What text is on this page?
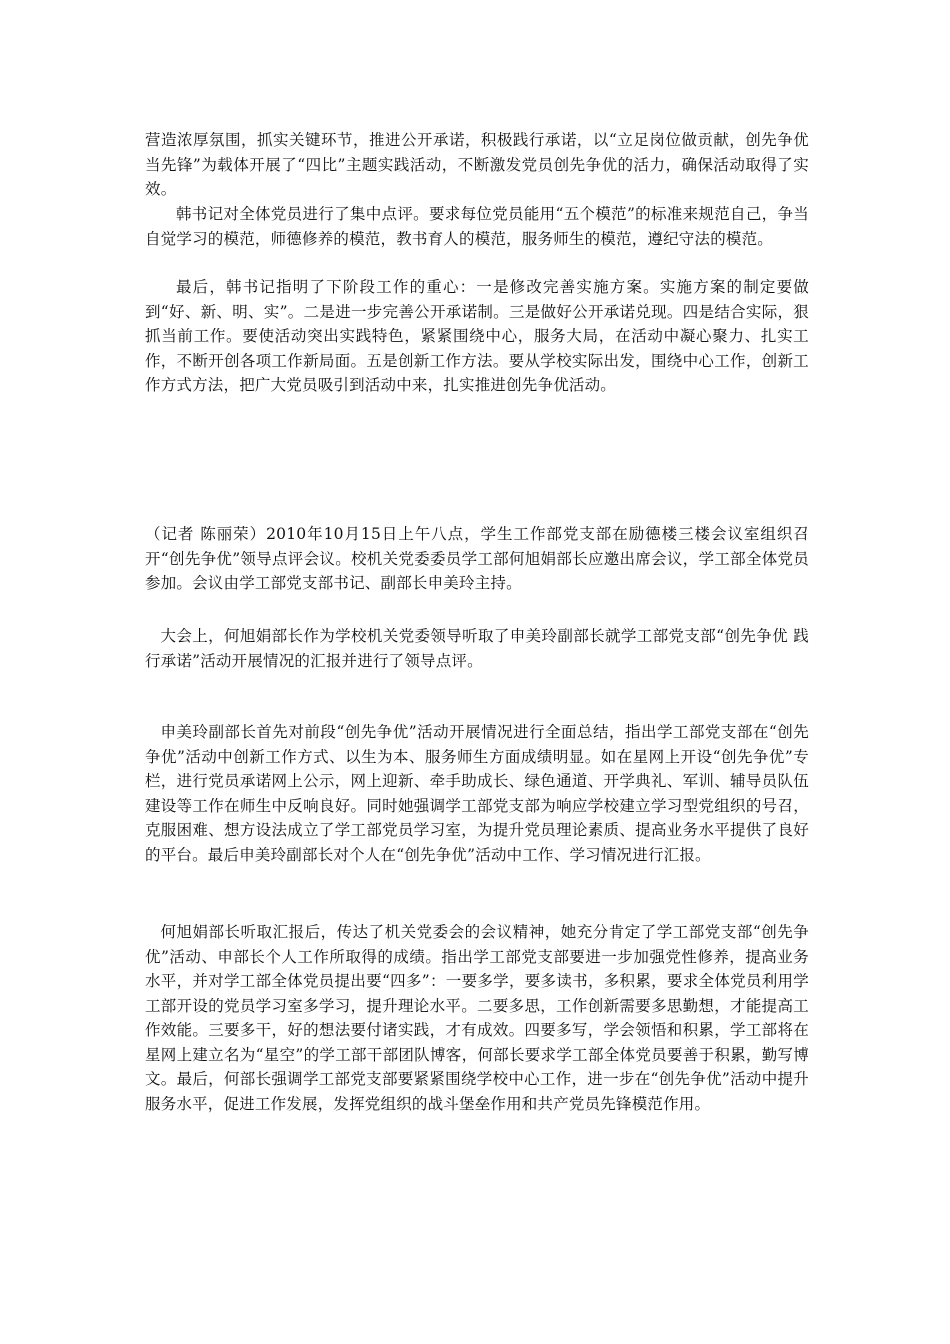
营造浓厚氛围，抓实关键环节，推进公开承诺，积极践行承诺，以“立足岗位做贡献，创先争优当先锋”为载体开展了“四比”主题实践活动，不断激发党员创先争优的活力，确保活动取得了实效。

韩书记对全体党员进行了集中点评。要求每位党员能用“五个模范”的标准来规范自己，争当自觉学习的模范，师德修养的模范，教书育人的模范，服务师生的模范，遵纪守法的模范。

最后，韩书记指明了下阶段工作的重心：一是修改完善实施方案。实施方案的制定要做到“好、新、明、实”。二是进一步完善公开承诺制。三是做好公开承诺兑现。四是结合实际，狠抓当前工作。要使活动突出实践特色，紧紧围绕中心，服务大局，在活动中凝心聚力、扎实工作，不断开创各项工作新局面。五是创新工作方法。要从学校实际出发，围绕中心工作，创新工作方式方法，把广大党员吸引到活动中来，扎实推进创先争优活动。

（记者 陈丽荣）2010年10月15日上午八点，学生工作部党支部在励德楼三楼会议室组织召开“创先争优”领导点评会议。校机关党委委员学工部何旭娟部长应邀出席会议，学工部全体党员参加。会议由学工部党支部书记、副部长申美玲主持。

大会上，何旭娟部长作为学校机关党委领导听取了申美玲副部长就学工部党支部“创先争优 践行承诺”活动开展情况的汇报并进行了领导点评。

申美玲副部长首先对前段“创先争优”活动开展情况进行全面总结，指出学工部党支部在“创先争优”活动中创新工作方式、以生为本、服务师生方面成绩明显。如在星网上开设“创先争优”专栏，进行党员承诺网上公示，网上迎新、牵手助成长、绿色通道、开学典礼、军训、辅导员队伍建设等工作在师生中反响良好。同时她强调学工部党支部为响应学校建立学习型党组织的号召，克服困难、想方设法成立了学工部党员学习室，为提升党员理论素质、提高业务水平提供了良好的平台。最后申美玲副部长对个人在“创先争优”活动中工作、学习情况进行汇报。

何旭娟部长听取汇报后，传达了机关党委会的会议精神，她充分肯定了学工部党支部“创先争优”活动、申部长个人工作所取得的成绩。指出学工部党支部要进一步加强党性修养，提高业务水平，并对学工部全体党员提出要“四多”：一要多学，要多读书，多积累，要求全体党员利用学工部开设的党员学习室多学习，提升理论水平。二要多思，工作创新需要多思勤想，才能提高工作效能。三要多干，好的想法要付诸实践，才有成效。四要多写，学会领悟和积累，学工部将在星网上建立名为“星空”的学工部干部团队博客，何部长要求学工部全体党员要善于积累，勤写博文。最后，何部长强调学工部党支部要紧紧围绕学校中心工作，进一步在“创先争优”活动中提升服务水平，促进工作发展，发挥党组织的战斗堡垒作用和共产党员先锋模范作用。
